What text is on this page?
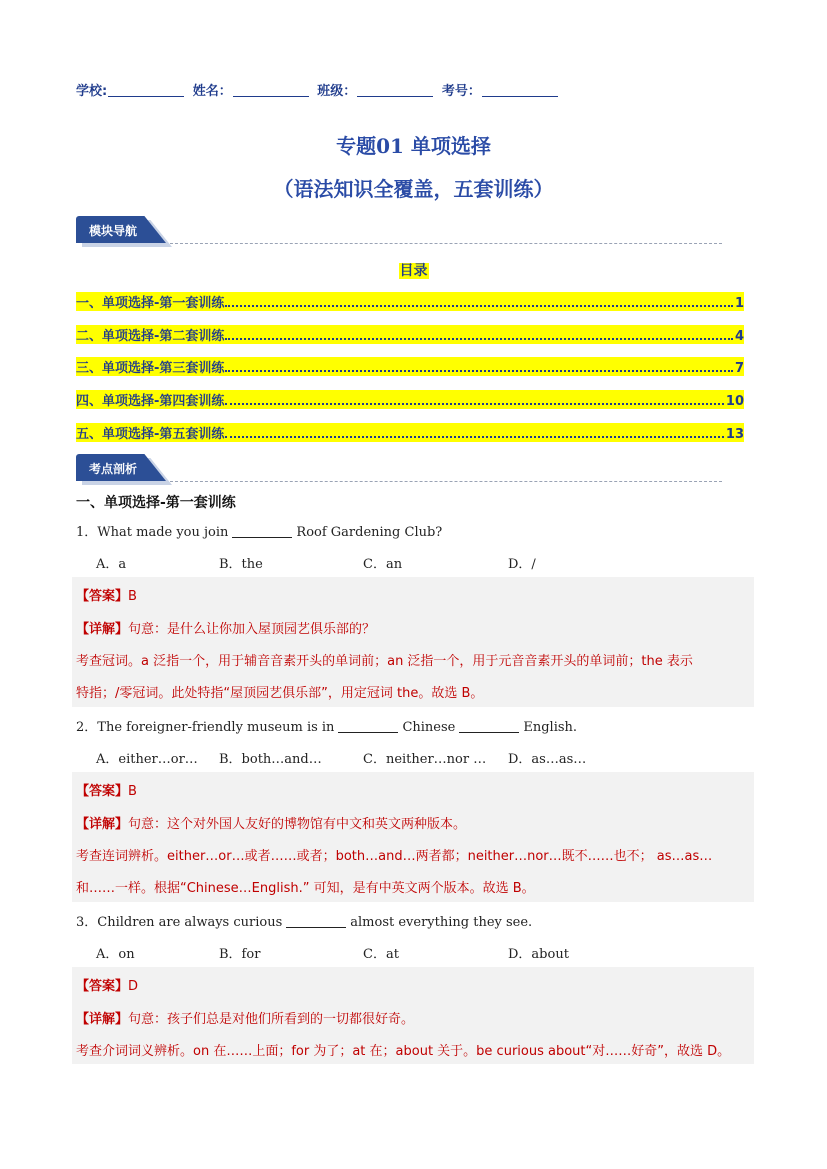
学校:	姓名：	班级：	考号：
专题01 单项选择
（语法知识全覆盖，五套训练）
模块导航
目录
一、单项选择-第一套训练	1
二、单项选择-第二套训练	4
三、单项选择-第三套训练	7
四、单项选择-第四套训练	10
五、单项选择-第五套训练	13
考点剖析
一、单项选择-第一套训练
1．What made you join	Roof Gardening Club?
A．a	B．the	C．an	D．/
【答案】B
【详解】句意：是什么让你加入屋顶园艺俱乐部的？
考查冠词。a 泛指一个，用于辅音音素开头的单词前；an 泛指一个，用于元音音素开头的单词前；the 表示
特指；/零冠词。此处特指“屋顶园艺俱乐部”，用定冠词 the。故选 B。
2．The foreigner-friendly museum is in	Chinese	English.
A．either…or… B．both…and…	C．neither…nor … D．as…as…
【答案】B
【详解】句意：这个对外国人友好的博物馆有中文和英文两种版本。
考查连词辨析。either…or…或者……或者；both…and…两者都；neither…nor…既不……也不； as…as…
和……一样。根据“Chinese…English.” 可知，是有中英文两个版本。故选 B。
3．Children are always curious	almost everything they see.
A．on	B．for	C．at	D．about
【答案】D
【详解】句意：孩子们总是对他们所看到的一切都很好奇。
考查介词词义辨析。on 在……上面；for 为了；at 在；about 关于。be curious about“对……好奇”，故选 D。
